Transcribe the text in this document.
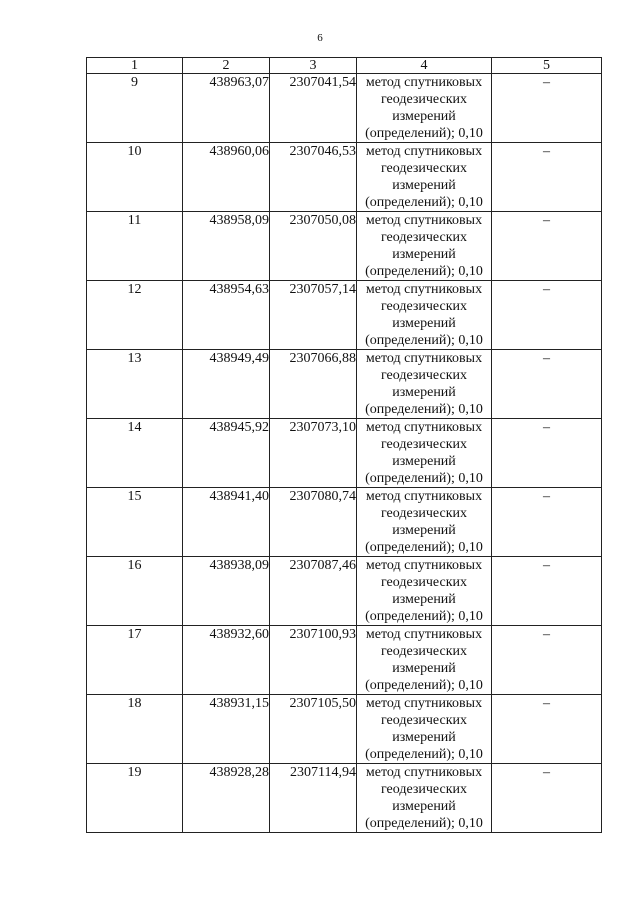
6
1	2	3	4	5
9	438963,07	2307041,54	метод спутниковых
геодезических
измерений
(определений); 0,10	–
10	438960,06	2307046,53	метод спутниковых
геодезических
измерений
(определений); 0,10	–
11	438958,09	2307050,08	метод спутниковых
геодезических
измерений
(определений); 0,10	–
12	438954,63	2307057,14	метод спутниковых
геодезических
измерений
(определений); 0,10	–
13	438949,49	2307066,88	метод спутниковых
геодезических
измерений
(определений); 0,10	–
14	438945,92	2307073,10	метод спутниковых
геодезических
измерений
(определений); 0,10	–
15	438941,40	2307080,74	метод спутниковых
геодезических
измерений
(определений); 0,10	–
16	438938,09	2307087,46	метод спутниковых
геодезических
измерений
(определений); 0,10	–
17	438932,60	2307100,93	метод спутниковых
геодезических
измерений
(определений); 0,10	–
18	438931,15	2307105,50	метод спутниковых
геодезических
измерений
(определений); 0,10	–
19	438928,28	2307114,94	метод спутниковых
геодезических
измерений
(определений); 0,10	–
